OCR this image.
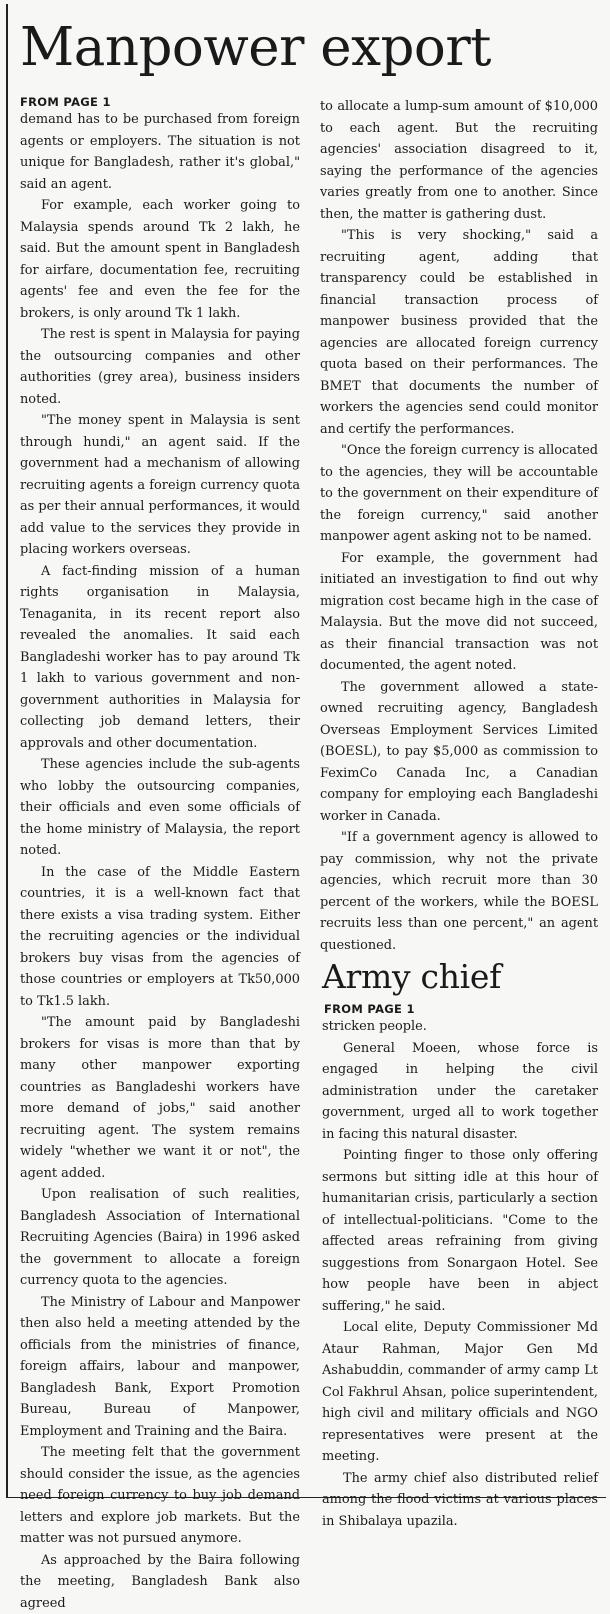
Manpower export
FROM PAGE 1

demand has to be purchased from foreign agents or employers. The situation is not unique for Bangladesh, rather it's global," said an agent.

For example, each worker going to Malaysia spends around Tk 2 lakh, he said. But the amount spent in Bangladesh for airfare, documentation fee, recruiting agents' fee and even the fee for the brokers, is only around Tk 1 lakh.

The rest is spent in Malaysia for paying the outsourcing companies and other authorities (grey area), business insiders noted.

"The money spent in Malaysia is sent through hundi," an agent said. If the government had a mechanism of allowing recruiting agents a foreign currency quota as per their annual performances, it would add value to the services they provide in placing workers overseas.

A fact-finding mission of a human rights organisation in Malaysia, Tenaganita, in its recent report also revealed the anomalies. It said each Bangladeshi worker has to pay around Tk 1 lakh to various government and non-government authorities in Malaysia for collecting job demand letters, their approvals and other documentation.

These agencies include the sub-agents who lobby the outsourcing companies, their officials and even some officials of the home ministry of Malaysia, the report noted.

In the case of the Middle Eastern countries, it is a well-known fact that there exists a visa trading system. Either the recruiting agencies or the individual brokers buy visas from the agencies of those countries or employers at Tk50,000 to Tk1.5 lakh.

"The amount paid by Bangladeshi brokers for visas is more than that by many other manpower exporting countries as Bangladeshi workers have more demand of jobs," said another recruiting agent. The system remains widely "whether we want it or not", the agent added.

Upon realisation of such realities, Bangladesh Association of International Recruiting Agencies (Baira) in 1996 asked the government to allocate a foreign currency quota to the agencies.

The Ministry of Labour and Manpower then also held a meeting attended by the officials from the ministries of finance, foreign affairs, labour and manpower, Bangladesh Bank, Export Promotion Bureau, Bureau of Manpower, Employment and Training and the Baira.

The meeting felt that the government should consider the issue, as the agencies need foreign currency to buy job demand letters and explore job markets. But the matter was not pursued anymore.

As approached by the Baira following the meeting, Bangladesh Bank also agreed

to allocate a lump-sum amount of $10,000 to each agent. But the recruiting agencies' association disagreed to it, saying the performance of the agencies varies greatly from one to another. Since then, the matter is gathering dust.

"This is very shocking," said a recruiting agent, adding that transparency could be established in financial transaction process of manpower business provided that the agencies are allocated foreign currency quota based on their performances. The BMET that documents the number of workers the agencies send could monitor and certify the performances.

"Once the foreign currency is allocated to the agencies, they will be accountable to the government on their expenditure of the foreign currency," said another manpower agent asking not to be named.

For example, the government had initiated an investigation to find out why migration cost became high in the case of Malaysia. But the move did not succeed, as their financial transaction was not documented, the agent noted.

The government allowed a state-owned recruiting agency, Bangladesh Overseas Employment Services Limited (BOESL), to pay $5,000 as commission to FeximCo Canada Inc, a Canadian company for employing each Bangladeshi worker in Canada.

"If a government agency is allowed to pay commission, why not the private agencies, which recruit more than 30 percent of the workers, while the BOESL recruits less than one percent," an agent questioned.

Army chief
FROM PAGE 1

stricken people.

General Moeen, whose force is engaged in helping the civil administration under the caretaker government, urged all to work together in facing this natural disaster.

Pointing finger to those only offering sermons but sitting idle at this hour of humanitarian crisis, particularly a section of intellectual-politicians. "Come to the affected areas refraining from giving suggestions from Sonargaon Hotel. See how people have been in abject suffering," he said.

Local elite, Deputy Commissioner Md Ataur Rahman, Major Gen Md Ashabuddin, commander of army camp Lt Col Fakhrul Ahsan, police superintendent, high civil and military officials and NGO representatives were present at the meeting.

The army chief also distributed relief among the flood victims at various places in Shibalaya upazila.
